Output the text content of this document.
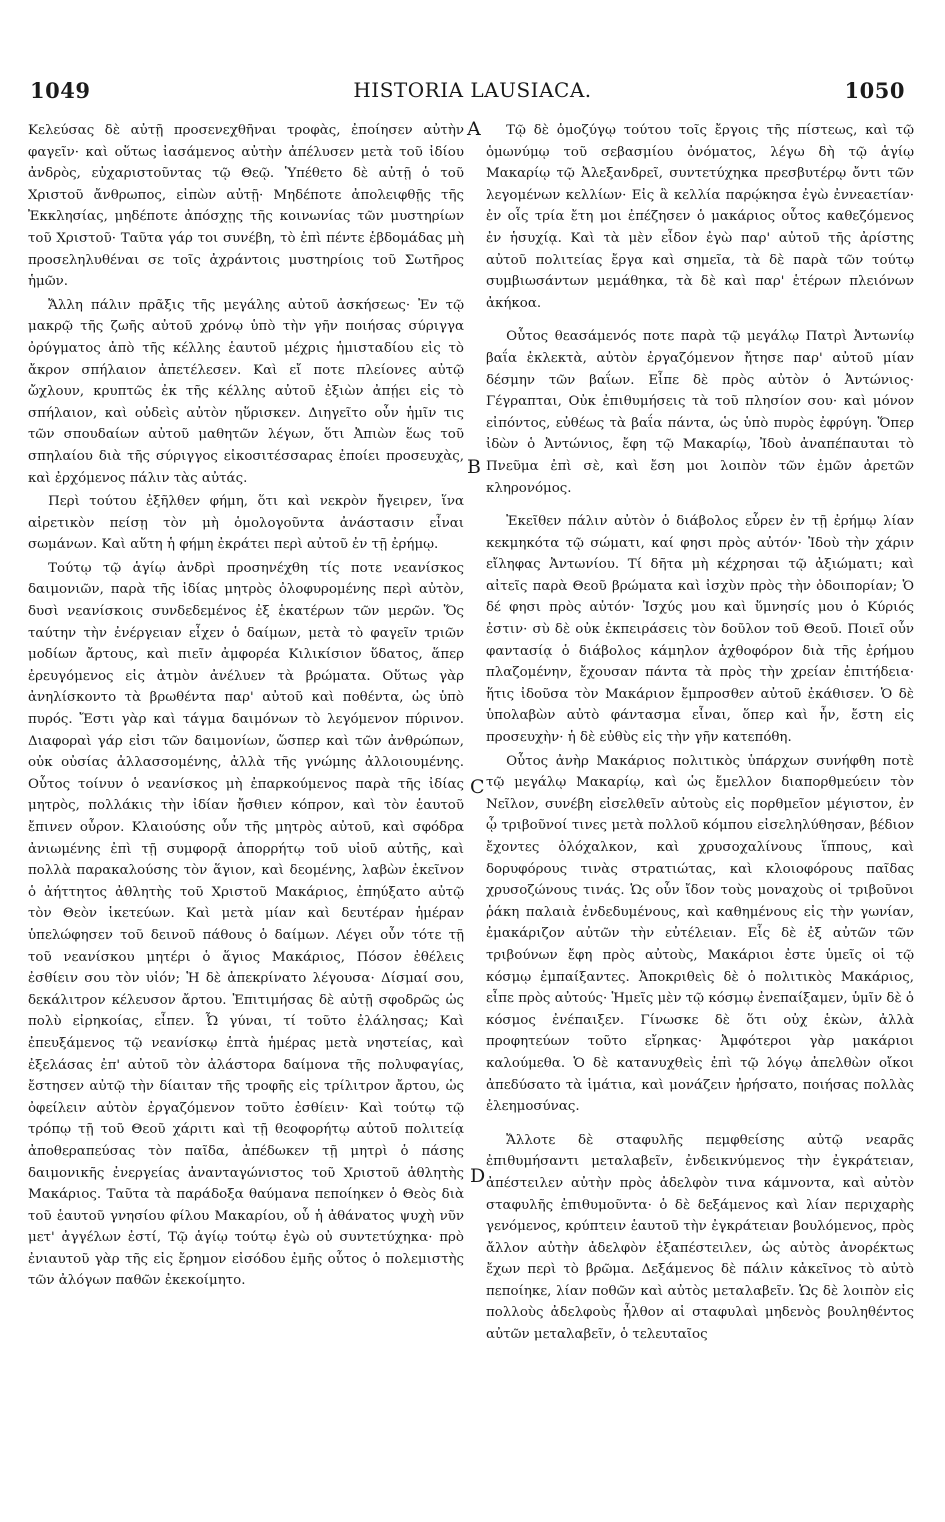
1049	HISTORIA LAUSIACA.	1050

Κελεύσας δὲ αὐτῇ προσενεχθῆναι τροφὰς, ἐποίησεν αὐτὴν φαγεῖν· καὶ οὕτως ἰασάμενος αὐτὴν ἀπέλυσεν μετὰ τοῦ ἰδίου ἀνδρὸς, εὐχαριστοῦντας τῷ Θεῷ. Ὑπέθετο δὲ αὐτῇ ὁ τοῦ Χριστοῦ ἄνθρωπος, εἰπὼν αὐτῇ· Μηδέποτε ἀπολειφθῇς τῆς Ἐκκλησίας, μηδέποτε ἀπόσχῃς τῆς κοινωνίας τῶν μυστηρίων τοῦ Χριστοῦ· Ταῦτα γάρ τοι συνέβη, τὸ ἐπὶ πέντε ἑβδομάδας μὴ προσεληλυθέναι σε τοῖς ἀχράντοις μυστηρίοις τοῦ Σωτῆρος ἡμῶν.

Ἄλλη πάλιν πρᾶξις τῆς μεγάλης αὐτοῦ ἀσκήσεως· Ἐν τῷ μακρῷ τῆς ζωῆς αὐτοῦ χρόνῳ ὑπὸ τὴν γῆν ποιήσας σύριγγα ὀρύγματος ἀπὸ τῆς κέλλης ἑαυτοῦ μέχρις ἡμισταδίου εἰς τὸ ἄκρον σπήλαιον ἀπετέλεσεν. Καὶ εἴ ποτε πλείονες αὐτῷ ὤχλουν, κρυπτῶς ἐκ τῆς κέλλης αὐτοῦ ἐξιὼν ἀπῄει εἰς τὸ σπήλαιον, καὶ οὐδεὶς αὐτὸν ηὕρισκεν. Διηγεῖτο οὖν ἡμῖν τις τῶν σπουδαίων αὐτοῦ μαθητῶν λέγων, ὅτι Ἀπιὼν ἕως τοῦ σπηλαίου διὰ τῆς σύριγγος εἰκοσιτέσσαρας ἐποίει προσευχὰς, καὶ ἐρχόμενος πάλιν τὰς αὐτάς.

Περὶ τούτου ἐξῆλθεν φήμη, ὅτι καὶ νεκρὸν ἤγειρεν, ἵνα αἱρετικὸν πείσῃ τὸν μὴ ὁμολογοῦντα ἀνάστασιν εἶναι σωμάνων. Καὶ αὕτη ἡ φήμη ἐκράτει περὶ αὐτοῦ ἐν τῇ ἐρήμῳ.

Τούτῳ τῷ ἁγίῳ ἀνδρὶ προσηνέχθη τίς ποτε νεανίσκος δαιμονιῶν, παρὰ τῆς ἰδίας μητρὸς ὀλοφυρομένης περὶ αὐτὸν, δυσὶ νεανίσκοις συνδεδεμένος ἐξ ἑκατέρων τῶν μερῶν. Ὅς ταύτην τὴν ἐνέργειαν εἶχεν ὁ δαίμων, μετὰ τὸ φαγεῖν τριῶν μοδίων ἄρτους, καὶ πιεῖν ἀμφορέα Κιλικίσιον ὕδατος, ἅπερ ἐρευγόμενος εἰς ἀτμὸν ἀνέλυεν τὰ βρώματα. Οὕτως γὰρ ἀνηλίσκοντο τὰ βρωθέντα παρ' αὐτοῦ καὶ ποθέντα, ὡς ὑπὸ πυρός. Ἔστι γὰρ καὶ τάγμα δαιμόνων τὸ λεγόμενον πύρινον. Διαφοραὶ γάρ εἰσι τῶν δαιμονίων, ὥσπερ καὶ τῶν ἀνθρώπων, οὐκ οὐσίας ἀλλασσομένης, ἀλλὰ τῆς γνώμης ἀλλοιουμένης. Οὗτος τοίνυν ὁ νεανίσκος μὴ ἐπαρκούμενος παρὰ τῆς ἰδίας μητρὸς, πολλάκις τὴν ἰδίαν ἤσθιεν κόπρον, καὶ τὸν ἑαυτοῦ ἔπινεν οὖρον. Κλαιούσης οὖν τῆς μητρὸς αὐτοῦ, καὶ σφόδρα ἀνιωμένης ἐπὶ τῇ συμφορᾷ ἀπορρήτῳ τοῦ υἱοῦ αὐτῆς, καὶ πολλὰ παρακαλούσης τὸν ἅγιον, καὶ δεομένης, λαβὼν ἐκεῖνον ὁ ἀήττητος ἀθλητὴς τοῦ Χριστοῦ Μακάριος, ἐπηύξατο αὐτῷ τὸν Θεὸν ἱκετεύων. Καὶ μετὰ μίαν καὶ δευτέραν ἡμέραν ὑπελώφησεν τοῦ δεινοῦ πάθους ὁ δαίμων. Λέγει οὖν τότε τῇ τοῦ νεανίσκου μητέρι ὁ ἅγιος Μακάριος, Πόσον ἐθέλεις ἐσθίειν σου τὸν υἱόν; Ἡ δὲ ἀπεκρίνατο λέγουσα· Δίσμαί σου, δεκάλιτρον κέλευσον ἄρτου. Ἐπιτιμήσας δὲ αὐτῇ σφοδρῶς ὡς πολὺ εἰρηκοίας, εἶπεν. Ὦ γύναι, τί τοῦτο ἐλάλησας; Καὶ ἐπευξάμενος τῷ νεανίσκῳ ἑπτὰ ἡμέρας μετὰ νηστείας, καὶ ἐξελάσας ἐπ' αὐτοῦ τὸν ἀλάστορα δαίμονα τῆς πολυφαγίας, ἔστησεν αὐτῷ τὴν δίαιταν τῆς τροφῆς εἰς τρίλιτρον ἄρτου, ὡς ὀφείλειν αὐτὸν ἐργαζόμενον τοῦτο ἐσθίειν· Καὶ τούτῳ τῷ τρόπῳ τῇ τοῦ Θεοῦ χάριτι καὶ τῇ θεοφορήτῳ αὐτοῦ πολιτείᾳ ἀποθεραπεύσας τὸν παῖδα, ἀπέδωκεν τῇ μητρὶ ὁ πάσης δαιμονικῆς ἐνεργείας ἀνανταγώνιστος τοῦ Χριστοῦ ἀθλητὴς Μακάριος. Ταῦτα τὰ παράδοξα θαύμανα πεποίηκεν ὁ Θεὸς διὰ τοῦ ἑαυτοῦ γνησίου φίλου Μακαρίου, οὗ ἡ ἀθάνατος ψυχὴ νῦν μετ' ἀγγέλων ἐστί, Τῷ ἁγίῳ τούτῳ ἐγὼ οὐ συντετύχηκα· πρὸ ἐνιαυτοῦ γὰρ τῆς εἰς ἔρημον εἰσόδου ἐμῆς οὗτος ὁ πολεμιστὴς τῶν ἀλόγων παθῶν ἐκεκοίμητο.

A
B
C
D

Τῷ δὲ ὁμοζύγῳ τούτου τοῖς ἔργοις τῆς πίστεως, καὶ τῷ ὁμωνύμῳ τοῦ σεβασμίου ὀνόματος, λέγω δὴ τῷ ἁγίῳ Μακαρίῳ τῷ Ἀλεξανδρεῖ, συντετύχηκα πρεσβυτέρῳ ὄντι τῶν λεγομένων κελλίων· Εἰς ἃ κελλία παρῴκησα ἐγὼ ἐννεαετίαν· ἐν οἷς τρία ἔτη μοι ἐπέζησεν ὁ μακάριος οὗτος καθεζόμενος ἐν ἡσυχίᾳ. Καὶ τὰ μὲν εἶδον ἐγὼ παρ' αὐτοῦ τῆς ἀρίστης αὐτοῦ πολιτείας ἔργα καὶ σημεῖα, τὰ δὲ παρὰ τῶν τούτῳ συμβιωσάντων μεμάθηκα, τὰ δὲ καὶ παρ' ἑτέρων πλειόνων ἀκήκοα.

Οὗτος θεασάμενός ποτε παρὰ τῷ μεγάλῳ Πατρὶ Ἀντωνίῳ βαΐα ἐκλεκτὰ, αὐτὸν ἐργαζόμενον ἤτησε παρ' αὐτοῦ μίαν δέσμην τῶν βαΐων. Εἶπε δὲ πρὸς αὐτὸν ὁ Ἀντώνιος· Γέγραπται, Οὐκ ἐπιθυμήσεις τὰ τοῦ πλησίον σου· καὶ μόνον εἰπόντος, εὐθέως τὰ βαΐα πάντα, ὡς ὑπὸ πυρὸς ἐφρύγη. Ὅπερ ἰδὼν ὁ Ἀντώνιος, ἔφη τῷ Μακαρίῳ, Ἰδοὺ ἀναπέπαυται τὸ Πνεῦμα ἐπὶ σὲ, καὶ ἔση μοι λοιπὸν τῶν ἐμῶν ἀρετῶν κληρονόμος.

Ἐκεῖθεν πάλιν αὐτὸν ὁ διάβολος εὗρεν ἐν τῇ ἐρήμῳ λίαν κεκμηκότα τῷ σώματι, καί φησι πρὸς αὐτόν· Ἰδοὺ τὴν χάριν εἴληφας Ἀντωνίου. Τί δῆτα μὴ κέχρησαι τῷ ἀξιώματι; καὶ αἰτεῖς παρὰ Θεοῦ βρώματα καὶ ἰσχὺν πρὸς τὴν ὁδοιπορίαν; Ὁ δέ φησι πρὸς αὐτόν· Ἰσχύς μου καὶ ὕμνησίς μου ὁ Κύριός ἐστιν· σὺ δὲ οὐκ ἐκπειράσεις τὸν δοῦλον τοῦ Θεοῦ. Ποιεῖ οὖν φαντασίᾳ ὁ διάβολος κάμηλον ἀχθοφόρον διὰ τῆς ἐρήμου πλαζομένην, ἔχουσαν πάντα τὰ πρὸς τὴν χρείαν ἐπιτήδεια· ἥτις ἰδοῦσα τὸν Μακάριον ἔμπροσθεν αὐτοῦ ἐκάθισεν. Ὁ δὲ ὑπολαβὼν αὐτὸ φάντασμα εἶναι, ὅπερ καὶ ἦν, ἔστη εἰς προσευχὴν· ἡ δὲ εὐθὺς εἰς τὴν γῆν κατεπόθη.

Οὗτος ἀνὴρ Μακάριος πολιτικὸς ὑπάρχων συνήφθη ποτὲ τῷ μεγάλῳ Μακαρίῳ, καὶ ὡς ἔμελλον διαπορθμεύειν τὸν Νεῖλον, συνέβη εἰσελθεῖν αὐτοὺς εἰς πορθμεῖον μέγιστον, ἐν ᾧ τριβοῦνοί τινες μετὰ πολλοῦ κόμπου εἰσεληλύθησαν, βέδιον ἔχοντες ὁλόχαλκον, καὶ χρυσοχαλίνους ἵππους, καὶ δορυφόρους τινὰς στρατιώτας, καὶ κλοιοφόρους παῖδας χρυσοζώνους τινάς. Ὡς οὖν ἴδον τοὺς μοναχοὺς οἱ τριβοῦνοι ῥάκη παλαιὰ ἐνδεδυμένους, καὶ καθημένους εἰς τὴν γωνίαν, ἐμακάριζον αὐτῶν τὴν εὐτέλειαν. Εἷς δὲ ἐξ αὐτῶν τῶν τριβούνων ἔφη πρὸς αὐτοὺς, Μακάριοι ἐστε ὑμεῖς οἱ τῷ κόσμῳ ἐμπαίξαντες. Ἀποκριθεὶς δὲ ὁ πολιτικὸς Μακάριος, εἶπε πρὸς αὐτούς· Ἡμεῖς μὲν τῷ κόσμῳ ἐνεπαίξαμεν, ὑμῖν δὲ ὁ κόσμος ἐνέπαιξεν. Γίνωσκε δὲ ὅτι οὐχ ἑκὼν, ἀλλὰ προφητεύων τοῦτο εἴρηκας· Ἀμφότεροι γὰρ μακάριοι καλούμεθα. Ὁ δὲ κατανυχθεὶς ἐπὶ τῷ λόγῳ ἀπελθὼν οἴκοι ἀπεδύσατο τὰ ἱμάτια, καὶ μονάζειν ἠρήσατο, ποιήσας πολλὰς ἐλεημοσύνας.

Ἄλλοτε δὲ σταφυλῆς πεμφθείσης αὐτῷ νεαρᾶς ἐπιθυμήσαντι μεταλαβεῖν, ἐνδεικνύμενος τὴν ἐγκράτειαν, ἀπέστειλεν αὐτὴν πρὸς ἀδελφὸν τινα κάμνοντα, καὶ αὐτὸν σταφυλῆς ἐπιθυμοῦντα· ὁ δὲ δεξάμενος καὶ λίαν περιχαρὴς γενόμενος, κρύπτειν ἑαυτοῦ τὴν ἐγκράτειαν βουλόμενος, πρὸς ἄλλον αὐτὴν ἀδελφὸν ἐξαπέστειλεν, ὡς αὐτὸς ἀνορέκτως ἔχων περὶ τὸ βρῶμα. Δεξάμενος δὲ πάλιν κἀκεῖνος τὸ αὐτὸ πεποίηκε, λίαν ποθῶν καὶ αὐτὸς μεταλαβεῖν. Ὡς δὲ λοιπὸν εἰς πολλοὺς ἀδελφοὺς ἦλθον αἱ σταφυλαὶ μηδενὸς βουληθέντος αὐτῶν μεταλαβεῖν, ὁ τελευταῖος
